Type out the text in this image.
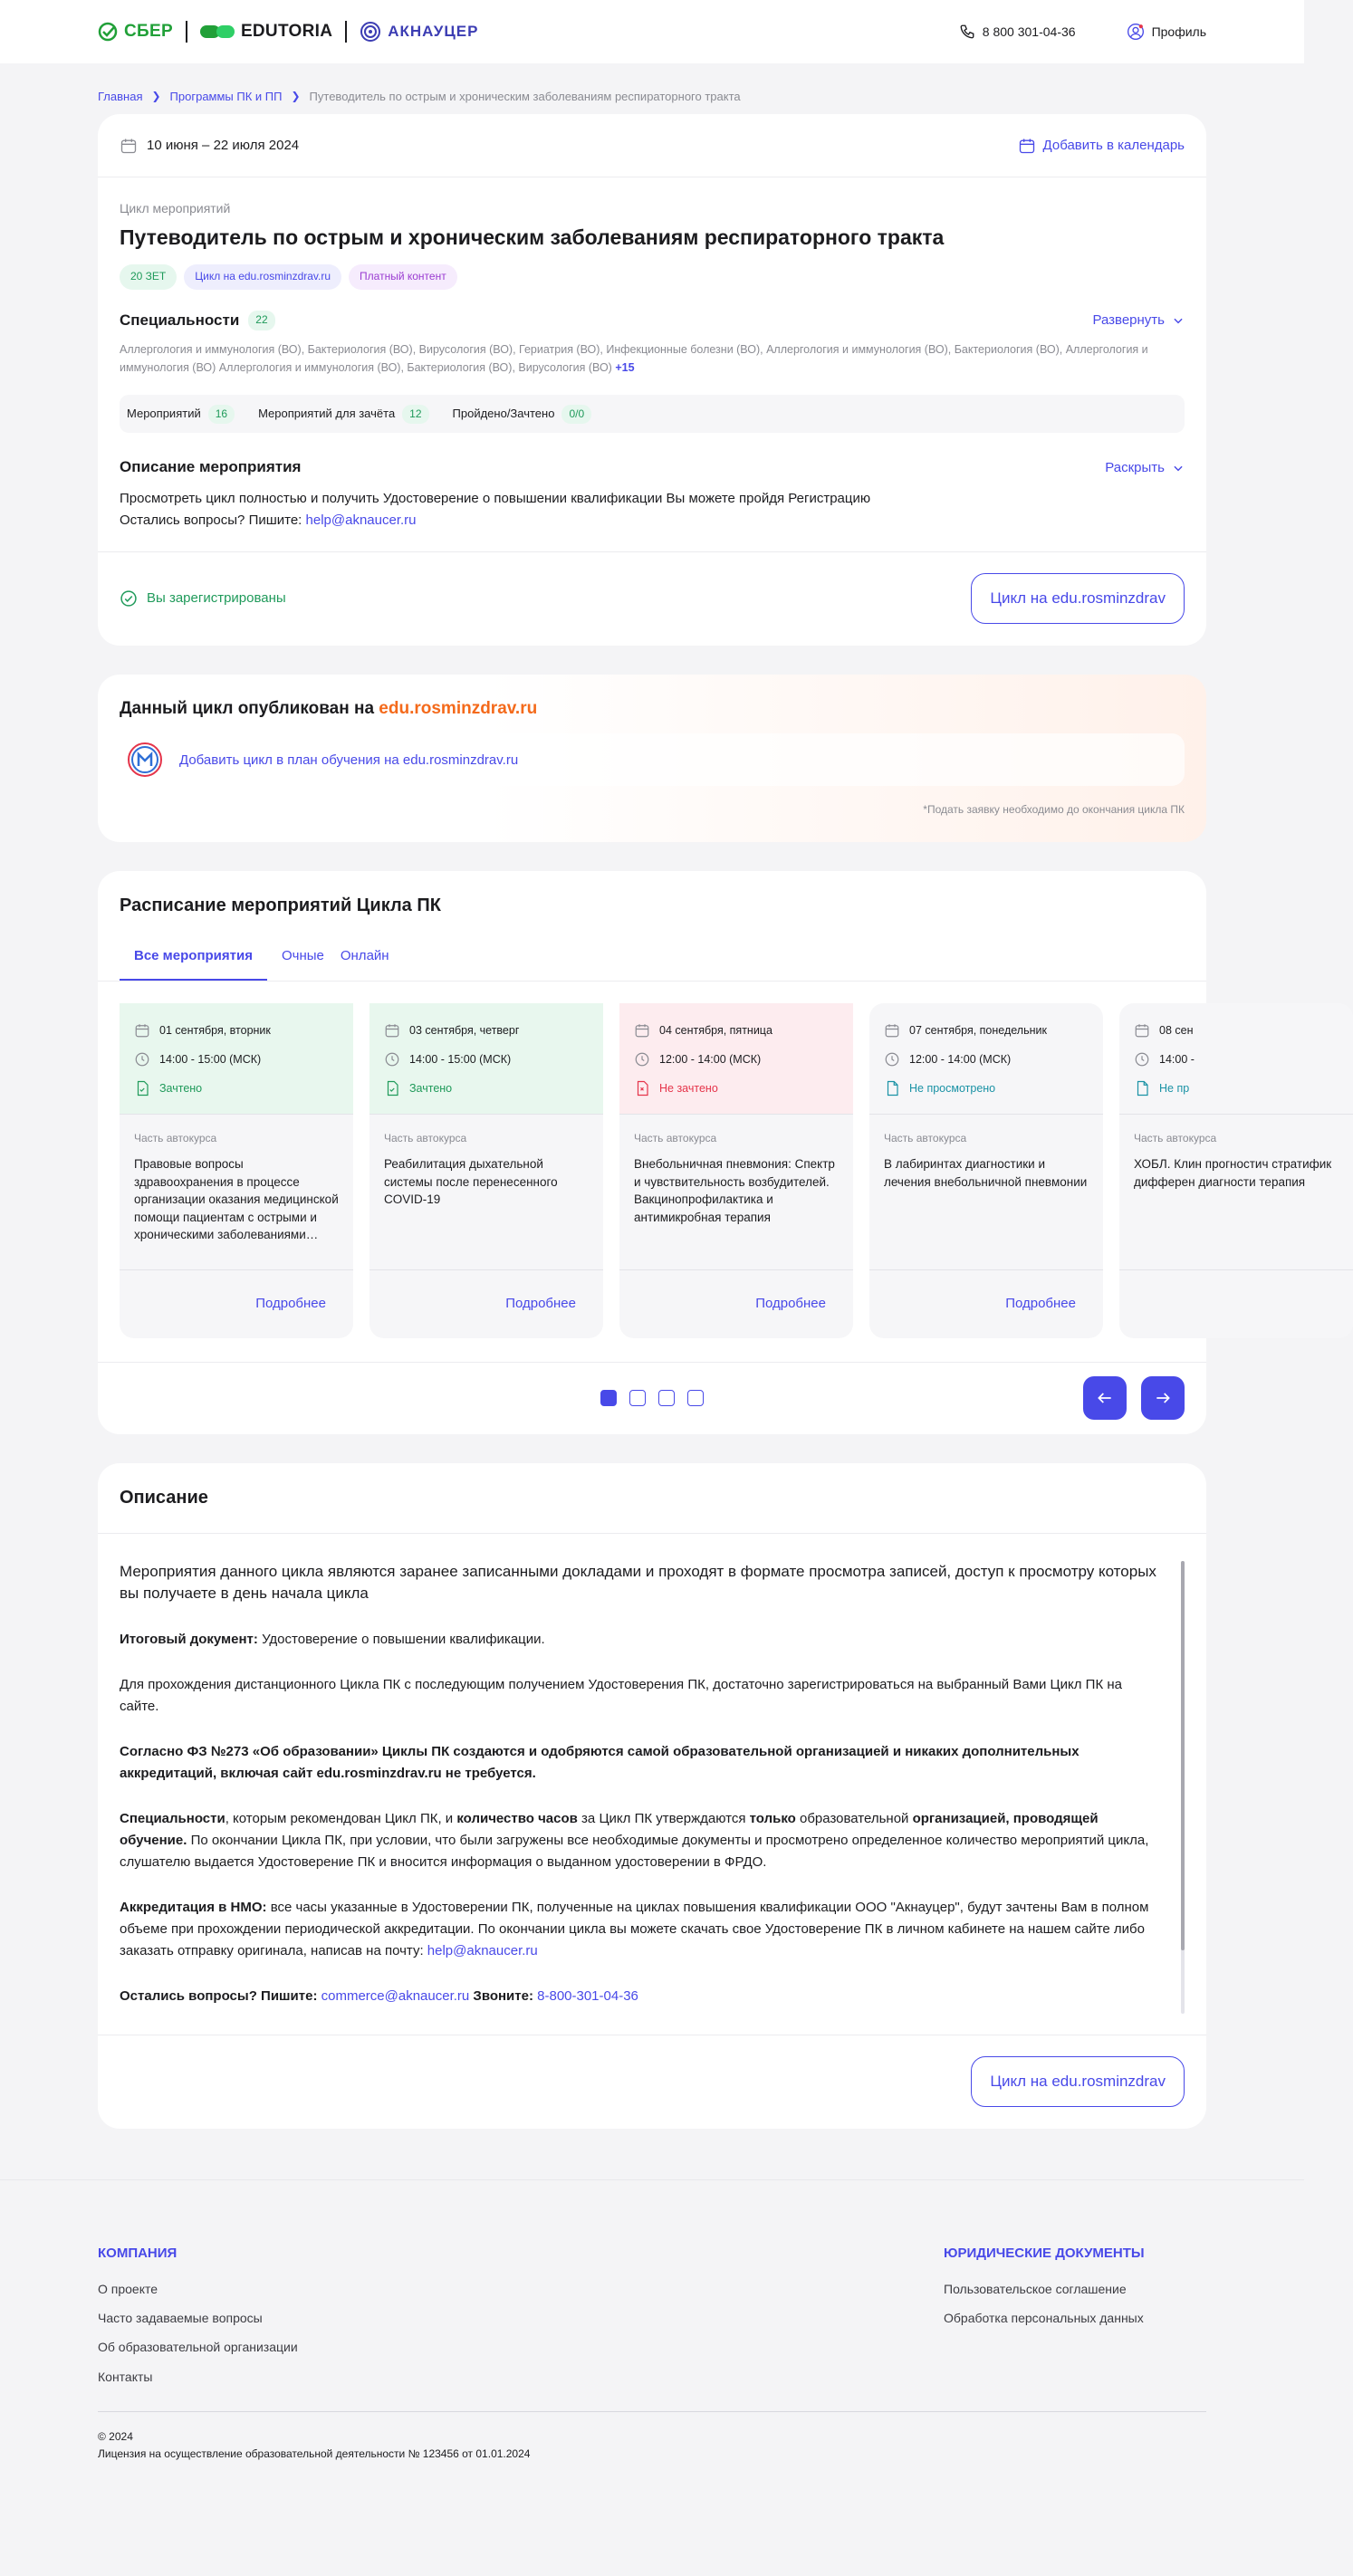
СБЕР	EDUTORIA	АКНАУЦЕР	8 800 301-04-36	Профиль
Главная ❯ Программы ПК и ПП ❯ Путеводитель по острым и хроническим заболеваниям респираторного тракта
10 июня – 22 июля 2024	Добавить в календарь
Цикл мероприятий
Путеводитель по острым и хроническим заболеваниям респираторного тракта
20 ЗЕТ	Цикл на edu.rosminzdrav.ru	Платный контент
Специальности	22	Развернуть
Аллергология и иммунология (ВО), Бактериология (ВО), Вирусология (ВО), Гериатрия (ВО), Инфекционные болезни (ВО), Аллергология и иммунология (ВО), Бактериология (ВО), Аллергология и иммунология (ВО) Аллергология и иммунология (ВО), Бактериология (ВО), Вирусология (ВО) +15
Мероприятий	16	Мероприятий для зачёта	12	Пройдено/Зачтено	0/0
Описание мероприятия	Раскрыть
Просмотреть цикл полностью и получить Удостоверение о повышении квалификации Вы можете пройдя Регистрацию
Остались вопросы? Пишите: help@aknaucer.ru
Вы зарегистрированы	Цикл на edu.rosminzdrav
Данный цикл опубликован на edu.rosminzdrav.ru
Добавить цикл в план обучения на edu.rosminzdrav.ru
*Подать заявку необходимо до окончания цикла ПК
Расписание мероприятий Цикла ПК
Все мероприятия	Очные Онлайн
01 сентября, вторник
14:00 - 15:00 (МСК)
Зачтено
Часть автокурса
Правовые вопросы здравоохранения в процессе организации оказания медицинской помощи пациентам с острыми и хроническими заболеваниями…
Подробнее
03 сентября, четверг
14:00 - 15:00 (МСК)
Зачтено
Часть автокурса
Реабилитация дыхательной системы после перенесенного COVID-19
Подробнее
04 сентября, пятница
12:00 - 14:00 (МСК)
Не зачтено
Часть автокурса
Внебольничная пневмония: Спектр и чувствительность возбудителей. Вакцинопрофилактика и антимикробная терапия
Подробнее
07 сентября, понедельник
12:00 - 14:00 (МСК)
Не просмотрено
Часть автокурса
В лабиринтах диагностики и лечения внебольничной пневмонии
Подробнее
08 сен
14:00 -
Не пр
Часть автокурса
ХОБЛ. Клин прогностич стратифик дифферен диагности терапия
Описание

Мероприятия данного цикла являются заранее записанными докладами и проходят в формате просмотра записей, доступ к просмотру которых вы получаете в день начала цикла

Итоговый документ: Удостоверение о повышении квалификации.

Для прохождения дистанционного Цикла ПК с последующим получением Удостоверения ПК, достаточно зарегистрироваться на выбранный Вами Цикл ПК на сайте.

Согласно ФЗ №273 «Об образовании» Циклы ПК создаются и одобряются самой образовательной организацией и никаких дополнительных аккредитаций, включая сайт edu.rosminzdrav.ru не требуется.

Специальности, которым рекомендован Цикл ПК, и количество часов за Цикл ПК утверждаются только образовательной организацией, проводящей обучение. По окончании Цикла ПК, при условии, что были загружены все необходимые документы и просмотрено определенное количество мероприятий цикла, слушателю выдается Удостоверение ПК и вносится информация о выданном удостоверении в ФРДО.

Аккредитация в НМО: все часы указанные в Удостоверении ПК, полученные на циклах повышения квалификации ООО "Акнауцер", будут зачтены Вам в полном объеме при прохождении периодической аккредитации. По окончании цикла вы можете скачать свое Удостоверение ПК в личном кабинете на нашем сайте либо заказать отправку оригинала, написав на почту: help@aknaucer.ru

Остались вопросы? Пишите: commerce@aknaucer.ru Звоните: 8-800-301-04-36

Цикл на edu.rosminzdrav
КОМПАНИЯ
О проекте
Часто задаваемые вопросы
Об образовательной организации
Контакты
ЮРИДИЧЕСКИЕ ДОКУМЕНТЫ
Пользовательское соглашение
Обработка персональных данных
© 2024
Лицензия на осуществление образовательной деятельности № 123456 от 01.01.2024
